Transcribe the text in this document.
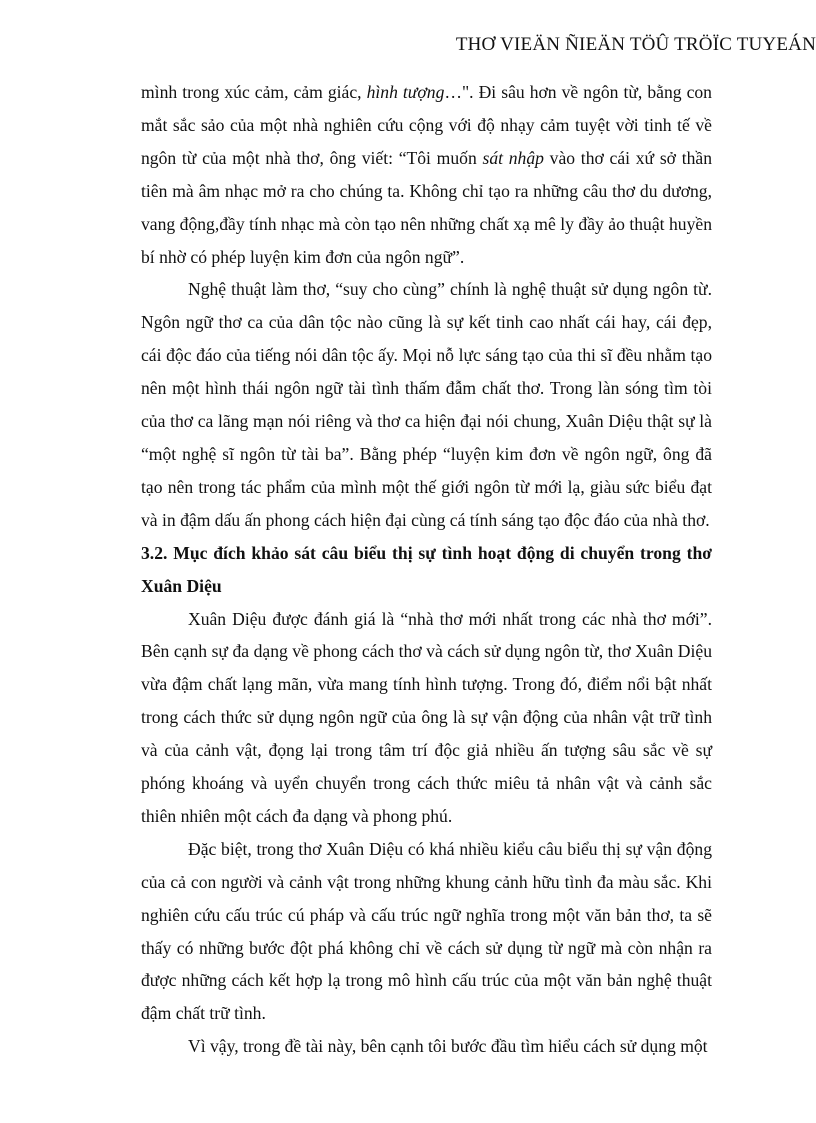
THƠ VIEÄN ÑIEÄN TÖÛ TRÖÏC TUYEÁN

mình trong xúc cảm, cảm giác, hình tượng…". Đi sâu hơn về ngôn từ, bằng con mắt sắc sảo của một nhà nghiên cứu cộng với độ nhạy cảm tuyệt vời tinh tế về ngôn từ của một nhà thơ, ông viết: “Tôi muốn sát nhập vào thơ cái xứ sở thần tiên mà âm nhạc mở ra cho chúng ta. Không chỉ tạo ra những câu thơ du dương, vang động,đầy tính nhạc mà còn tạo nên những chất xạ mê ly đầy ảo thuật huyền bí nhờ có phép luyện kim đơn của ngôn ngữ”.

Nghệ thuật làm thơ, “suy cho cùng” chính là nghệ thuật sử dụng ngôn từ. Ngôn ngữ thơ ca của dân tộc nào cũng là sự kết tinh cao nhất cái hay, cái đẹp, cái độc đáo của tiếng nói dân tộc ấy. Mọi nỗ lực sáng tạo của thi sĩ đều nhằm tạo nên một hình thái ngôn ngữ tài tình thấm đẫm chất thơ. Trong làn sóng tìm tòi của thơ ca lãng mạn nói riêng và thơ ca hiện đại nói chung, Xuân Diệu thật sự là “một nghệ sĩ ngôn từ tài ba”. Bằng phép “luyện kim đơn về ngôn ngữ, ông đã tạo nên trong tác phẩm của mình một thế giới ngôn từ mới lạ, giàu sức biểu đạt và in đậm dấu ấn phong cách hiện đại cùng cá tính sáng tạo độc đáo của nhà thơ.

3.2. Mục đích khảo sát câu biểu thị sự tình hoạt động di chuyển trong thơ Xuân Diệu

Xuân Diệu được đánh giá là “nhà thơ mới nhất trong các nhà thơ mới”. Bên cạnh sự đa dạng về phong cách thơ và cách sử dụng ngôn từ, thơ Xuân Diệu vừa đậm chất lạng mãn, vừa mang tính hình tượng. Trong đó, điểm nổi bật nhất trong cách thức sử dụng ngôn ngữ của ông là sự vận động của nhân vật trữ tình và của cảnh vật, đọng lại trong tâm trí độc giả nhiều ấn tượng sâu sắc về sự phóng khoáng và uyển chuyển trong cách thức miêu tả nhân vật và cảnh sắc thiên nhiên một cách đa dạng và phong phú.

Đặc biệt, trong thơ Xuân Diệu có khá nhiều kiểu câu biểu thị sự vận động của cả con người và cảnh vật trong những khung cảnh hữu tình đa màu sắc. Khi nghiên cứu cấu trúc cú pháp và cấu trúc ngữ nghĩa trong một văn bản thơ, ta sẽ thấy có những bước đột phá không chỉ về cách sử dụng từ ngữ mà còn nhận ra được những cách kết hợp lạ trong mô hình cấu trúc của một văn bản nghệ thuật đậm chất trữ tình.

Vì vậy, trong đề tài này, bên cạnh tôi bước đầu tìm hiểu cách sử dụng một
